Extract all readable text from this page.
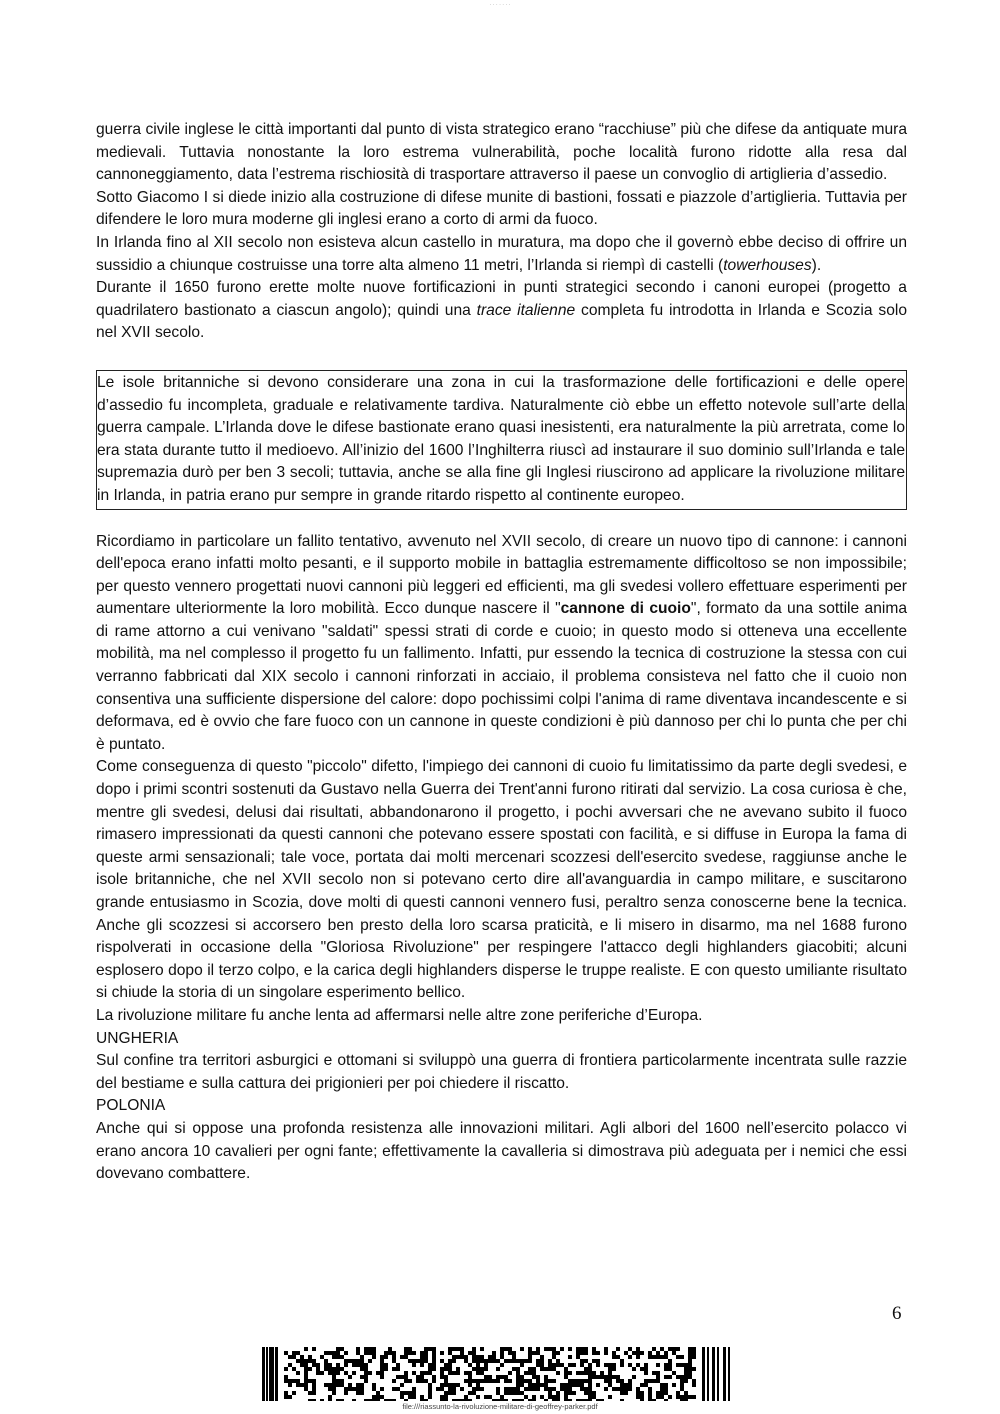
· · · · · · ·

guerra civile inglese le città importanti dal punto di vista strategico erano “racchiuse” più che difese da antiquate mura medievali. Tuttavia nonostante la loro estrema vulnerabilità, poche località furono ridotte alla resa dal cannoneggiamento, data l’estrema rischiosità di trasportare attraverso il paese un convoglio di artiglieria d’assedio.

Sotto Giacomo I si diede inizio alla costruzione di difese munite di bastioni, fossati e piazzole d’artiglieria. Tuttavia per difendere le loro mura moderne gli inglesi erano a corto di armi da fuoco.

In Irlanda fino al XII secolo non esisteva alcun castello in muratura, ma dopo che il governò ebbe deciso di offrire un sussidio a chiunque costruisse una torre alta almeno 11 metri, l’Irlanda si riempì di castelli (towerhouses).

Durante il 1650 furono erette molte nuove fortificazioni in punti strategici secondo i canoni europei (progetto a quadrilatero bastionato a ciascun angolo); quindi una trace italienne completa fu introdotta in Irlanda e Scozia solo nel XVII secolo.

Le isole britanniche si devono considerare una zona in cui la trasformazione delle fortificazioni e delle opere d’assedio fu incompleta, graduale e relativamente tardiva. Naturalmente ciò ebbe un effetto notevole sull’arte della guerra campale. L’Irlanda dove le difese bastionate erano quasi inesistenti, era naturalmente la più arretrata, come lo era stata durante tutto il medioevo. All’inizio del 1600 l’Inghilterra riuscì ad instaurare il suo dominio sull’Irlanda e tale supremazia durò per ben 3 secoli; tuttavia, anche se alla fine gli Inglesi riuscirono ad applicare la rivoluzione militare in Irlanda, in patria erano pur sempre in grande ritardo rispetto al continente europeo.

Ricordiamo in particolare un fallito tentativo, avvenuto nel XVII secolo, di creare un nuovo tipo di cannone: i cannoni dell'epoca erano infatti molto pesanti, e il supporto mobile in battaglia estremamente difficoltoso se non impossibile; per questo vennero progettati nuovi cannoni più leggeri ed efficienti, ma gli svedesi vollero effettuare esperimenti per aumentare ulteriormente la loro mobilità. Ecco dunque nascere il "cannone di cuoio", formato da una sottile anima di rame attorno a cui venivano "saldati" spessi strati di corde e cuoio; in questo modo si otteneva una eccellente mobilità, ma nel complesso il progetto fu un fallimento. Infatti, pur essendo la tecnica di costruzione la stessa con cui verranno fabbricati dal XIX secolo i cannoni rinforzati in acciaio, il problema consisteva nel fatto che il cuoio non consentiva una sufficiente dispersione del calore: dopo pochissimi colpi l'anima di rame diventava incandescente e si deformava, ed è ovvio che fare fuoco con un cannone in queste condizioni è più dannoso per chi lo punta che per chi è puntato.

Come conseguenza di questo "piccolo" difetto, l'impiego dei cannoni di cuoio fu limitatissimo da parte degli svedesi, e dopo i primi scontri sostenuti da Gustavo nella Guerra dei Trent'anni furono ritirati dal servizio. La cosa curiosa è che, mentre gli svedesi, delusi dai risultati, abbandonarono il progetto, i pochi avversari che ne avevano subito il fuoco rimasero impressionati da questi cannoni che potevano essere spostati con facilità, e si diffuse in Europa la fama di queste armi sensazionali; tale voce, portata dai molti mercenari scozzesi dell'esercito svedese, raggiunse anche le isole britanniche, che nel XVII secolo non si potevano certo dire all'avanguardia in campo militare, e suscitarono grande entusiasmo in Scozia, dove molti di questi cannoni vennero fusi, peraltro senza conoscerne bene la tecnica. Anche gli scozzesi si accorsero ben presto della loro scarsa praticità, e li misero in disarmo, ma nel 1688 furono rispolverati in occasione della "Gloriosa Rivoluzione" per respingere l'attacco degli highlanders giacobiti; alcuni esplosero dopo il terzo colpo, e la carica degli highlanders disperse le truppe realiste. E con questo umiliante risultato si chiude la storia di un singolare esperimento bellico.

La rivoluzione militare fu anche lenta ad affermarsi nelle altre zone periferiche d’Europa.

UNGHERIA

Sul confine tra territori asburgici e ottomani si sviluppò una guerra di frontiera particolarmente incentrata sulle razzie del bestiame e sulla cattura dei prigionieri per poi chiedere il riscatto.

POLONIA

Anche qui si oppose una profonda resistenza alle innovazioni militari. Agli albori del 1600 nell’esercito polacco vi erano ancora 10 cavalieri per ogni fante; effettivamente la cavalleria si dimostrava più adeguata per i nemici che essi dovevano combattere.

6
file:///riassunto-la-rivoluzione-militare-di-geoffrey-parker.pdf
